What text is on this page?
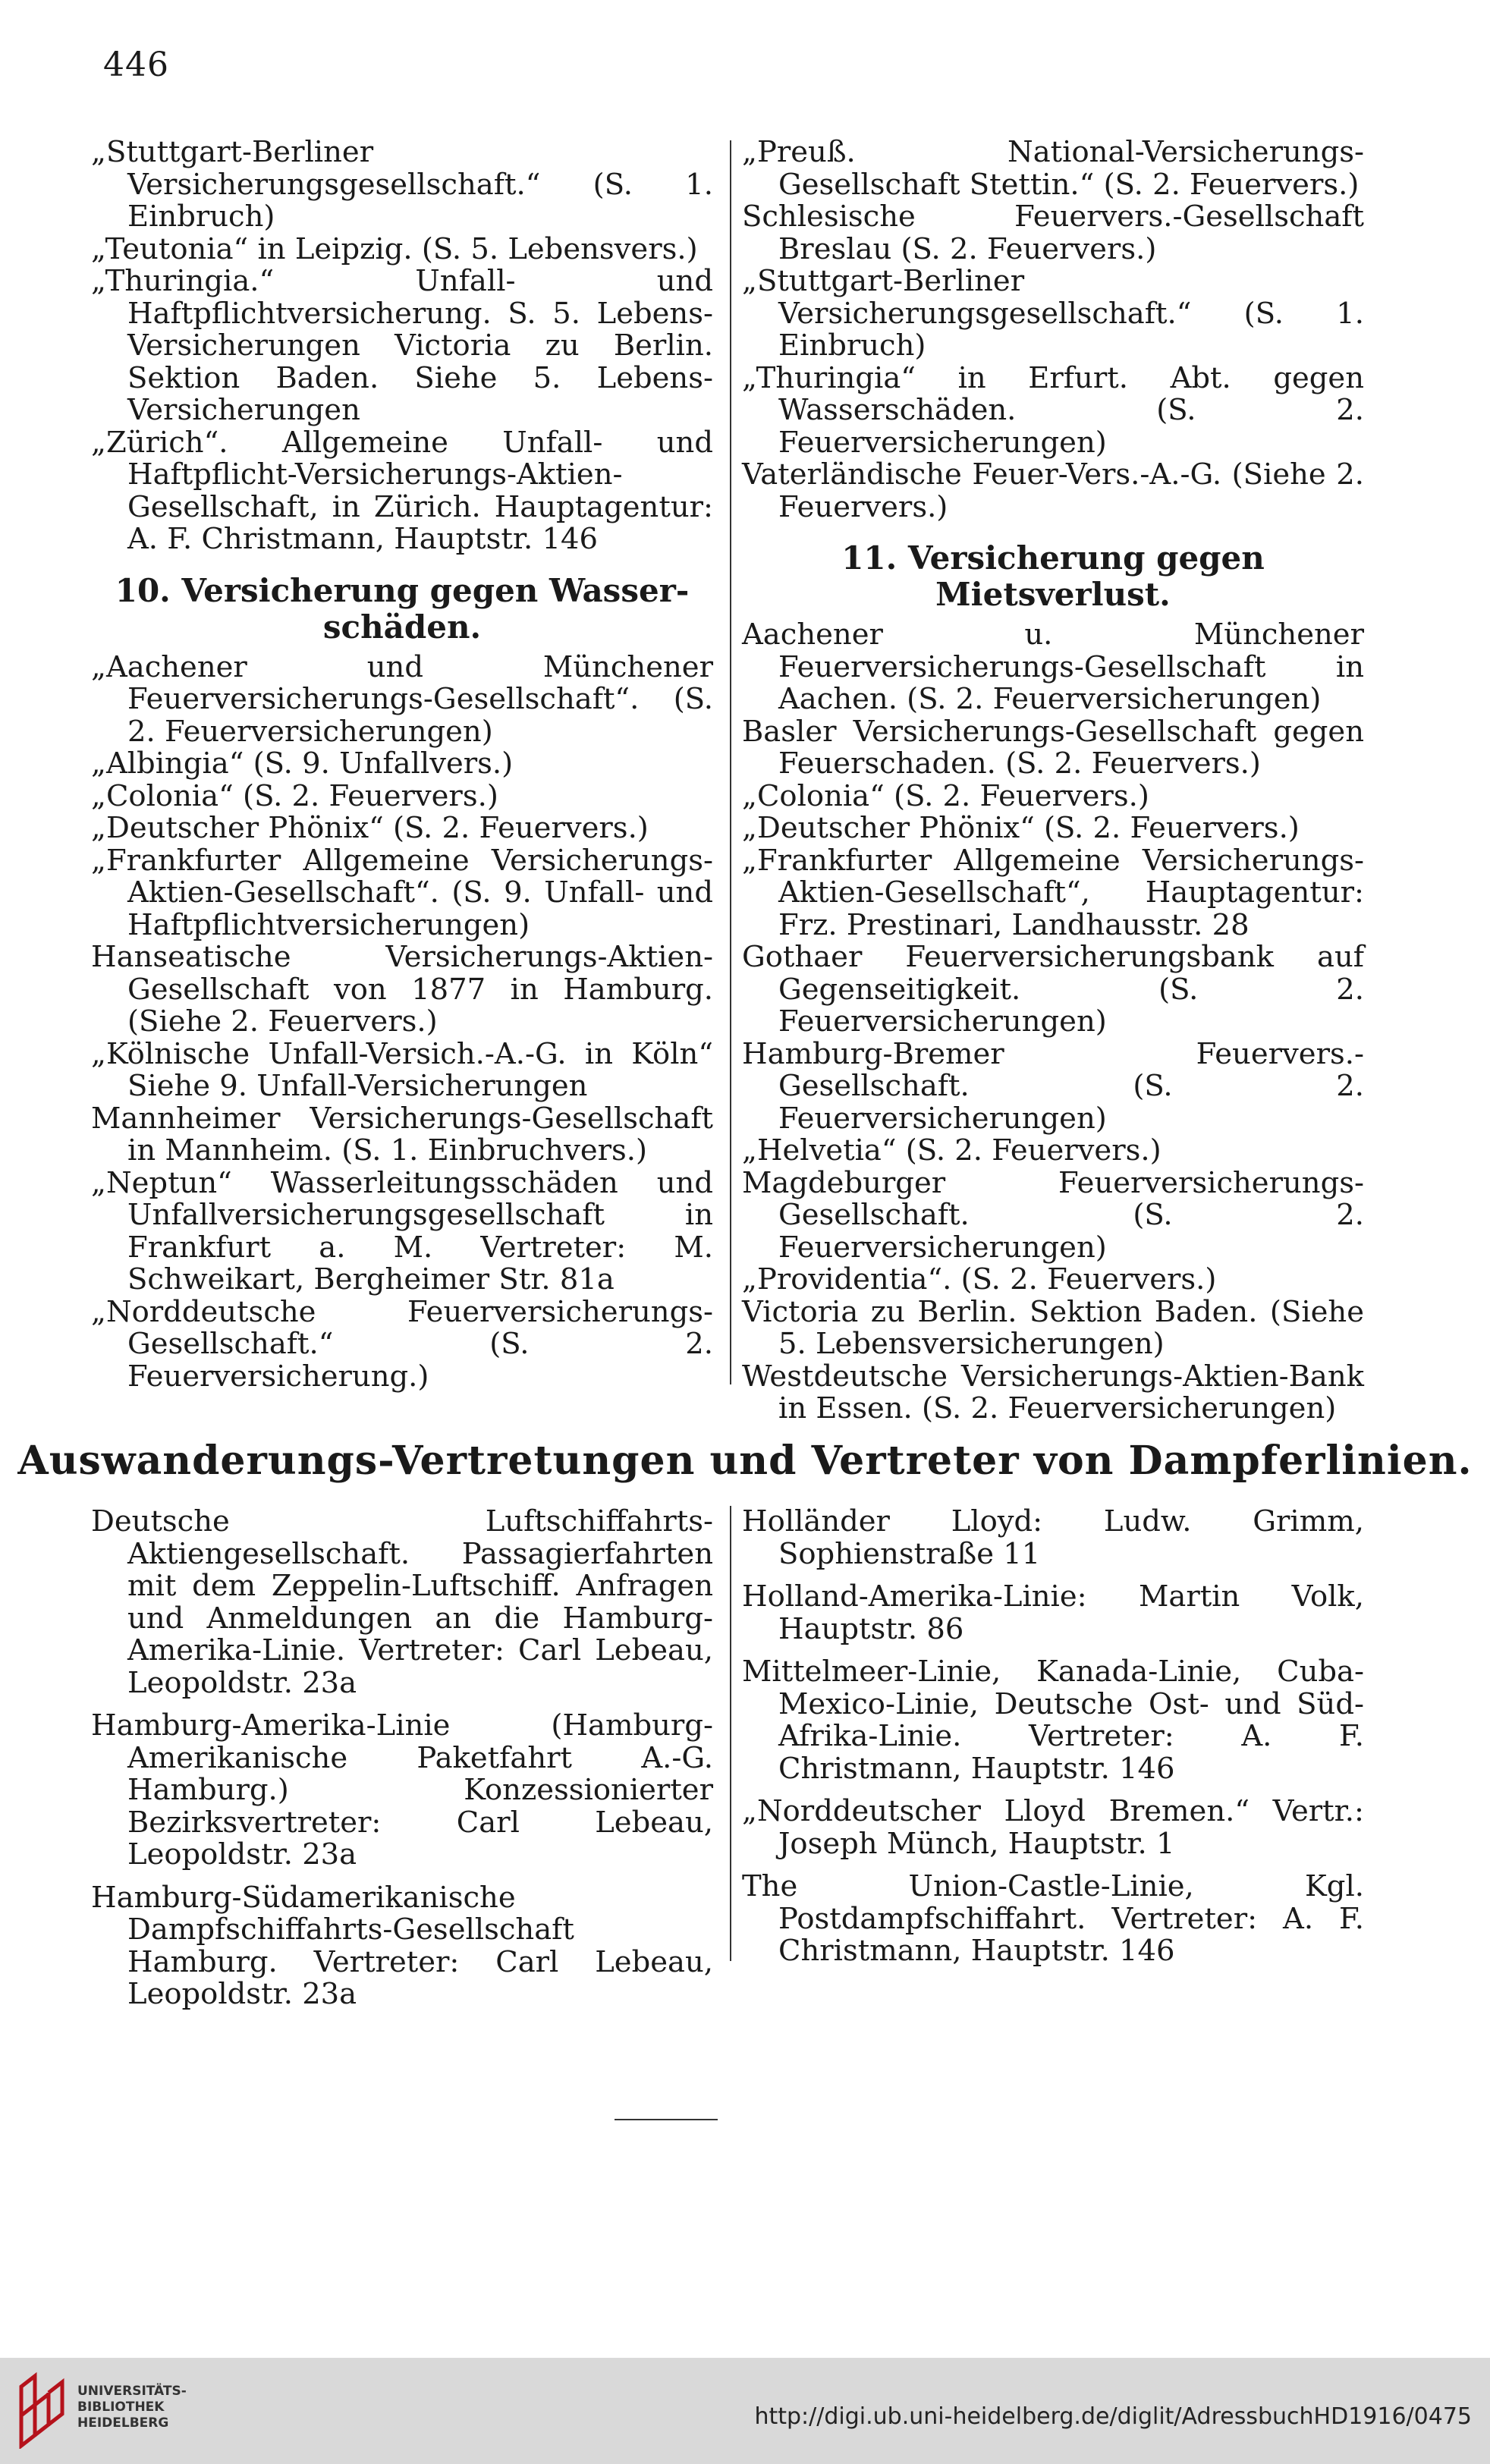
446

„Stuttgart-Berliner Versicherungsgesellschaft.“ (S. 1. Einbruch)

„Teutonia“ in Leipzig. (S. 5. Lebensvers.)

„Thuringia.“ Unfall- und Haftpflichtversicherung. S. 5. Lebens-Versicherungen Victoria zu Berlin. Sektion Baden. Siehe 5. Lebens-Versicherungen

„Zürich“. Allgemeine Unfall- und Haftpflicht-Versicherungs-Aktien-Gesellschaft, in Zürich. Hauptagentur: A. F. Christmann, Hauptstr. 146

10. Versicherung gegen Wasser-schäden.

„Aachener und Münchener Feuerversicherungs-Gesellschaft“. (S. 2. Feuerversicherungen)

„Albingia“ (S. 9. Unfallvers.)

„Colonia“ (S. 2. Feuervers.)

„Deutscher Phönix“ (S. 2. Feuervers.)

„Frankfurter Allgemeine Versicherungs-Aktien-Gesellschaft“. (S. 9. Unfall- und Haftpflichtversicherungen)

Hanseatische Versicherungs-Aktien-Gesellschaft von 1877 in Hamburg. (Siehe 2. Feuervers.)

„Kölnische Unfall-Versich.-A.-G. in Köln“ Siehe 9. Unfall-Versicherungen

Mannheimer Versicherungs-Gesellschaft in Mannheim. (S. 1. Einbruchvers.)

„Neptun“ Wasserleitungsschäden und Unfallversicherungsgesellschaft in Frankfurt a. M. Vertreter: M. Schweikart, Bergheimer Str. 81a

„Norddeutsche Feuerversicherungs-Gesellschaft.“ (S. 2. Feuerversicherung.)

„Preuß. National-Versicherungs-Gesellschaft Stettin.“ (S. 2. Feuervers.)

Schlesische Feuervers.-Gesellschaft Breslau (S. 2. Feuervers.)

„Stuttgart-Berliner Versicherungsgesellschaft.“ (S. 1. Einbruch)

„Thuringia“ in Erfurt. Abt. gegen Wasserschäden. (S. 2. Feuerversicherungen)

Vaterländische Feuer-Vers.-A.-G. (Siehe 2. Feuervers.)

11. Versicherung gegen Mietsverlust.

Aachener u. Münchener Feuerversicherungs-Gesellschaft in Aachen. (S. 2. Feuerversicherungen)

Basler Versicherungs-Gesellschaft gegen Feuerschaden. (S. 2. Feuervers.)

„Colonia“ (S. 2. Feuervers.)

„Deutscher Phönix“ (S. 2. Feuervers.)

„Frankfurter Allgemeine Versicherungs-Aktien-Gesellschaft“, Hauptagentur: Frz. Prestinari, Landhausstr. 28

Gothaer Feuerversicherungsbank auf Gegenseitigkeit. (S. 2. Feuerversicherungen)

Hamburg-Bremer Feuervers.-Gesellschaft. (S. 2. Feuerversicherungen)

„Helvetia“ (S. 2. Feuervers.)

Magdeburger Feuerversicherungs-Gesellschaft. (S. 2. Feuerversicherungen)

„Providentia“. (S. 2. Feuervers.)

Victoria zu Berlin. Sektion Baden. (Siehe 5. Lebensversicherungen)

Westdeutsche Versicherungs-Aktien-Bank in Essen. (S. 2. Feuerversicherungen)

Auswanderungs-Vertretungen und Vertreter von Dampferlinien.

Deutsche Luftschiffahrts-Aktiengesellschaft. Passagierfahrten mit dem Zeppelin-Luftschiff. Anfragen und Anmeldungen an die Hamburg-Amerika-Linie. Vertreter: Carl Lebeau, Leopoldstr. 23a

Hamburg-Amerika-Linie (Hamburg-Amerikanische Paketfahrt A.-G. Hamburg.) Konzessionierter Bezirksvertreter: Carl Lebeau, Leopoldstr. 23a

Hamburg-Südamerikanische Dampfschiffahrts-Gesellschaft Hamburg. Vertreter: Carl Lebeau, Leopoldstr. 23a

Holländer Lloyd: Ludw. Grimm, Sophienstraße 11

Holland-Amerika-Linie: Martin Volk, Hauptstr. 86

Mittelmeer-Linie, Kanada-Linie, Cuba-Mexico-Linie, Deutsche Ost- und Süd-Afrika-Linie. Vertreter: A. F. Christmann, Hauptstr. 146

„Norddeutscher Lloyd Bremen.“ Vertr.: Joseph Münch, Hauptstr. 1

The Union-Castle-Linie, Kgl. Postdampfschiffahrt. Vertreter: A. F. Christmann, Hauptstr. 146

UNIVERSITÄTS-
BIBLIOTHEK
HEIDELBERG	http://digi.ub.uni-heidelberg.de/diglit/AdressbuchHD1916/0475
